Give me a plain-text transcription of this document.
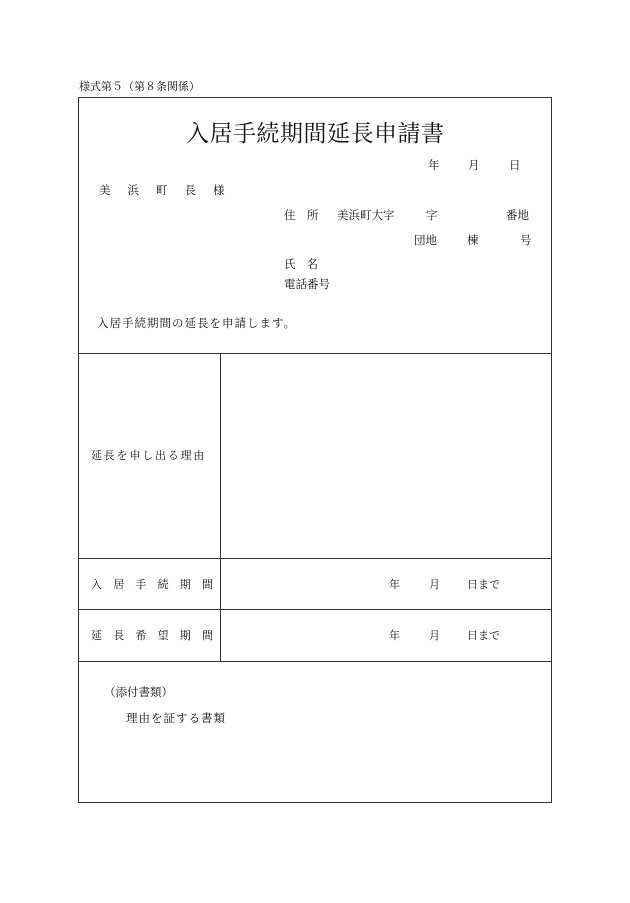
様式第５（第８条関係）
入居手続期間延長申請書
年 月	日
美浜町長様
住　所 美浜町大字	字	番地
団地	棟	号
氏名
電話番号
入居手続期間の延長を申請します。
延長を申し出る理由
入居手続期間	年	月 日まで
延長希望期間	年	月 日まで
（添付書類）
理由を証する書類
